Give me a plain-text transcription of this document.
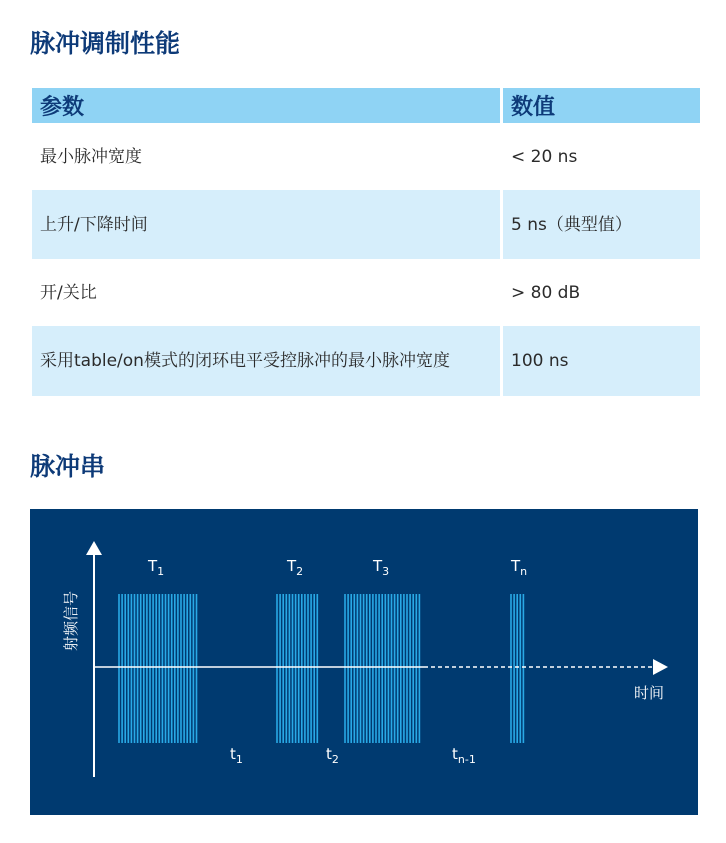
脉冲调制性能
参数	数值
最小脉冲宽度	< 20 ns
上升/下降时间	5 ns（典型值）
开/关比	> 80 dB
采用table/on模式的闭环电平受控脉冲的最小脉冲宽度	100 ns
脉冲串
射频信号
时间
$T_1$	$T_2$	$T_3$	$T_n$
$t_1$	$t_2$	$t_{n-1}$
